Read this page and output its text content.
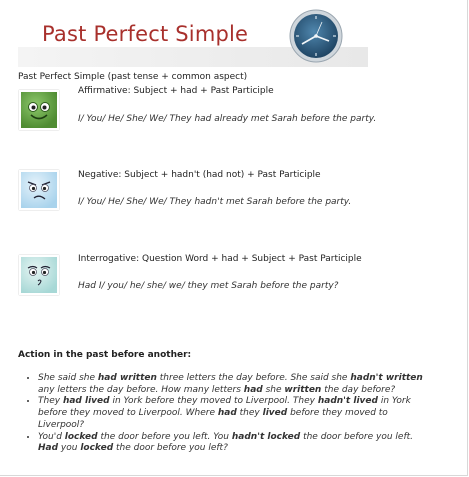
Past Perfect Simple
Past Perfect Simple (past tense + common aspect)
Affirmative: Subject + had + Past Participle
I/ You/ He/ She/ We/ They had already met Sarah before the party.
Negative: Subject + hadn't (had not) + Past Participle
I/ You/ He/ She/ We/ They hadn't met Sarah before the party.
Interrogative: Question Word + had + Subject + Past Participle
Had I/ you/ he/ she/ we/ they met Sarah before the party?
Action in the past before another:
• She said she had written three letters the day before. She said she hadn't written any letters the day before. How many letters had she written the day before?
• They had lived in York before they moved to Liverpool. They hadn't lived in York before they moved to Liverpool. Where had they lived before they moved to Liverpool?
• You'd locked the door before you left. You hadn't locked the door before you left. Had you locked the door before you left?
